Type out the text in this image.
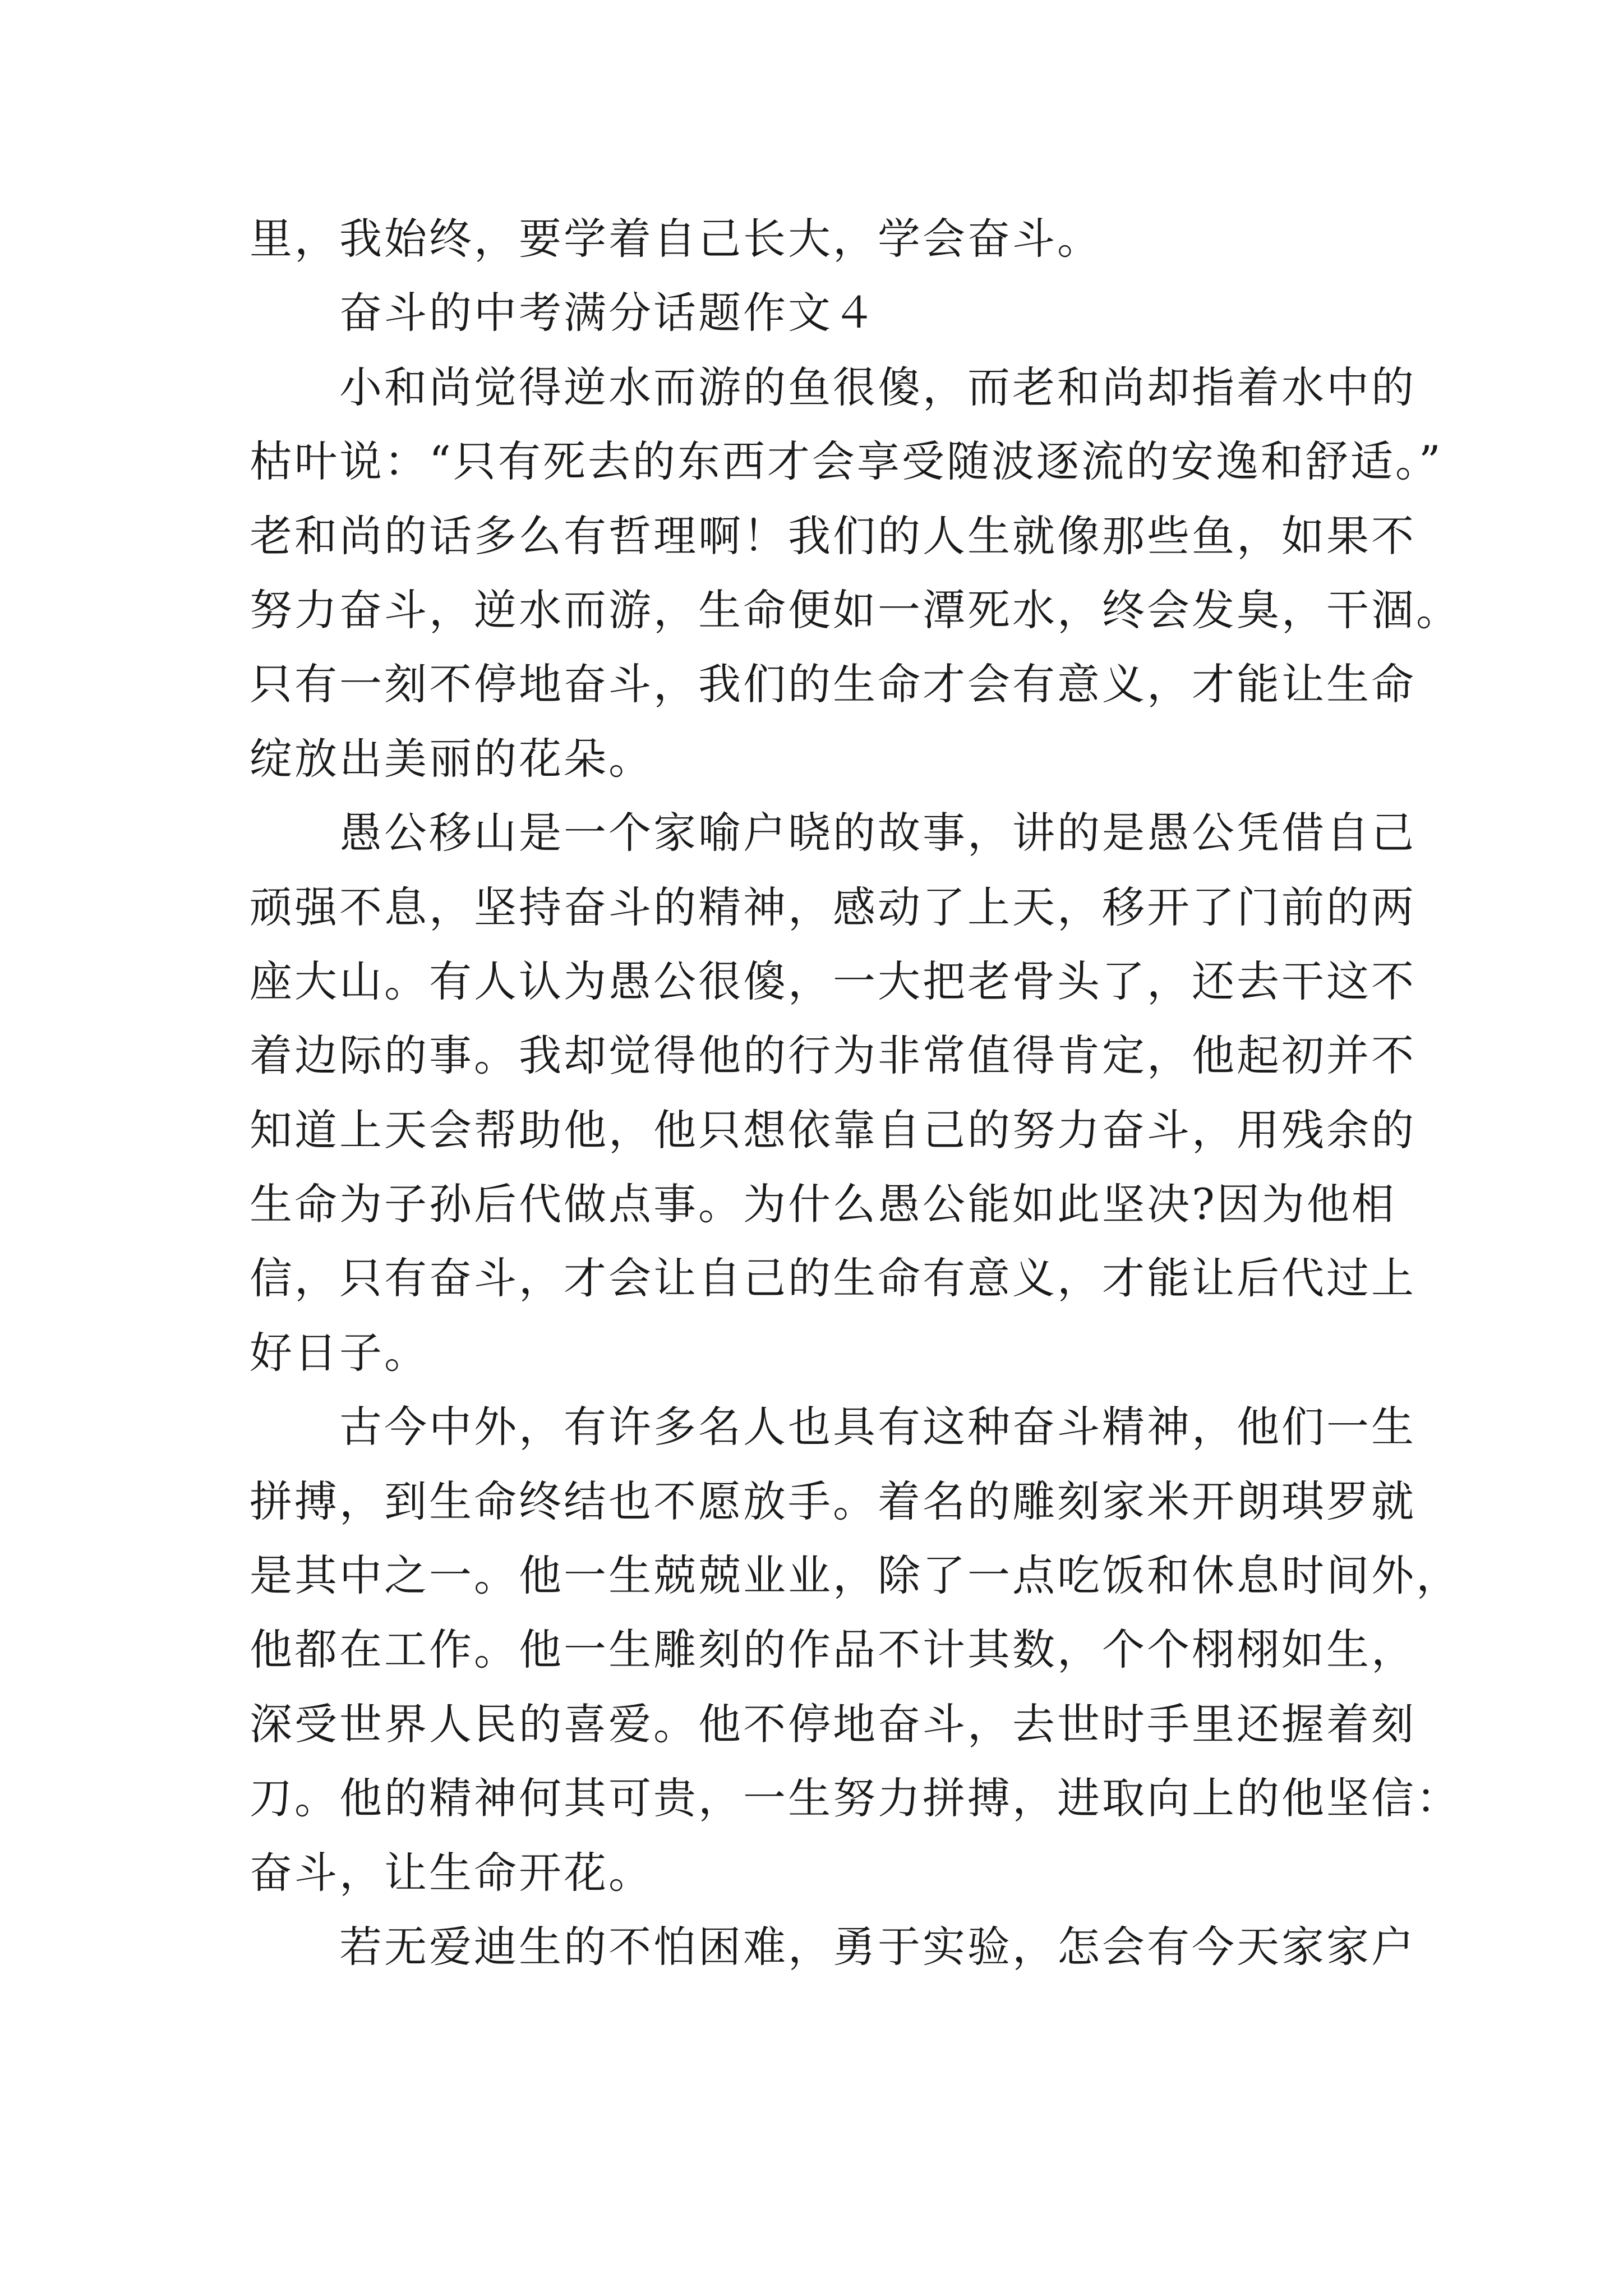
里，我始终，要学着自己长大，学会奋斗。
奋斗的中考满分话题作文４
小和尚觉得逆水而游的鱼很傻，而老和尚却指着水中的
枯叶说：“只有死去的东西才会享受随波逐流的安逸和舒适。”
老和尚的话多么有哲理啊！我们的人生就像那些鱼，如果不
努力奋斗，逆水而游，生命便如一潭死水，终会发臭，干涸。
只有一刻不停地奋斗，我们的生命才会有意义，才能让生命
绽放出美丽的花朵。
愚公移山是一个家喻户晓的故事，讲的是愚公凭借自己
顽强不息，坚持奋斗的精神，感动了上天，移开了门前的两
座大山。有人认为愚公很傻，一大把老骨头了，还去干这不
着边际的事。我却觉得他的行为非常值得肯定，他起初并不
知道上天会帮助他，他只想依靠自己的努力奋斗，用残余的
生命为子孙后代做点事。为什么愚公能如此坚决?因为他相
信，只有奋斗，才会让自己的生命有意义，才能让后代过上
好日子。
古今中外，有许多名人也具有这种奋斗精神，他们一生
拼搏，到生命终结也不愿放手。着名的雕刻家米开朗琪罗就
是其中之一。他一生兢兢业业，除了一点吃饭和休息时间外，
他都在工作。他一生雕刻的作品不计其数，个个栩栩如生，
深受世界人民的喜爱。他不停地奋斗，去世时手里还握着刻
刀。他的精神何其可贵，一生努力拼搏，进取向上的他坚信：
奋斗，让生命开花。
若无爱迪生的不怕困难，勇于实验，怎会有今天家家户
